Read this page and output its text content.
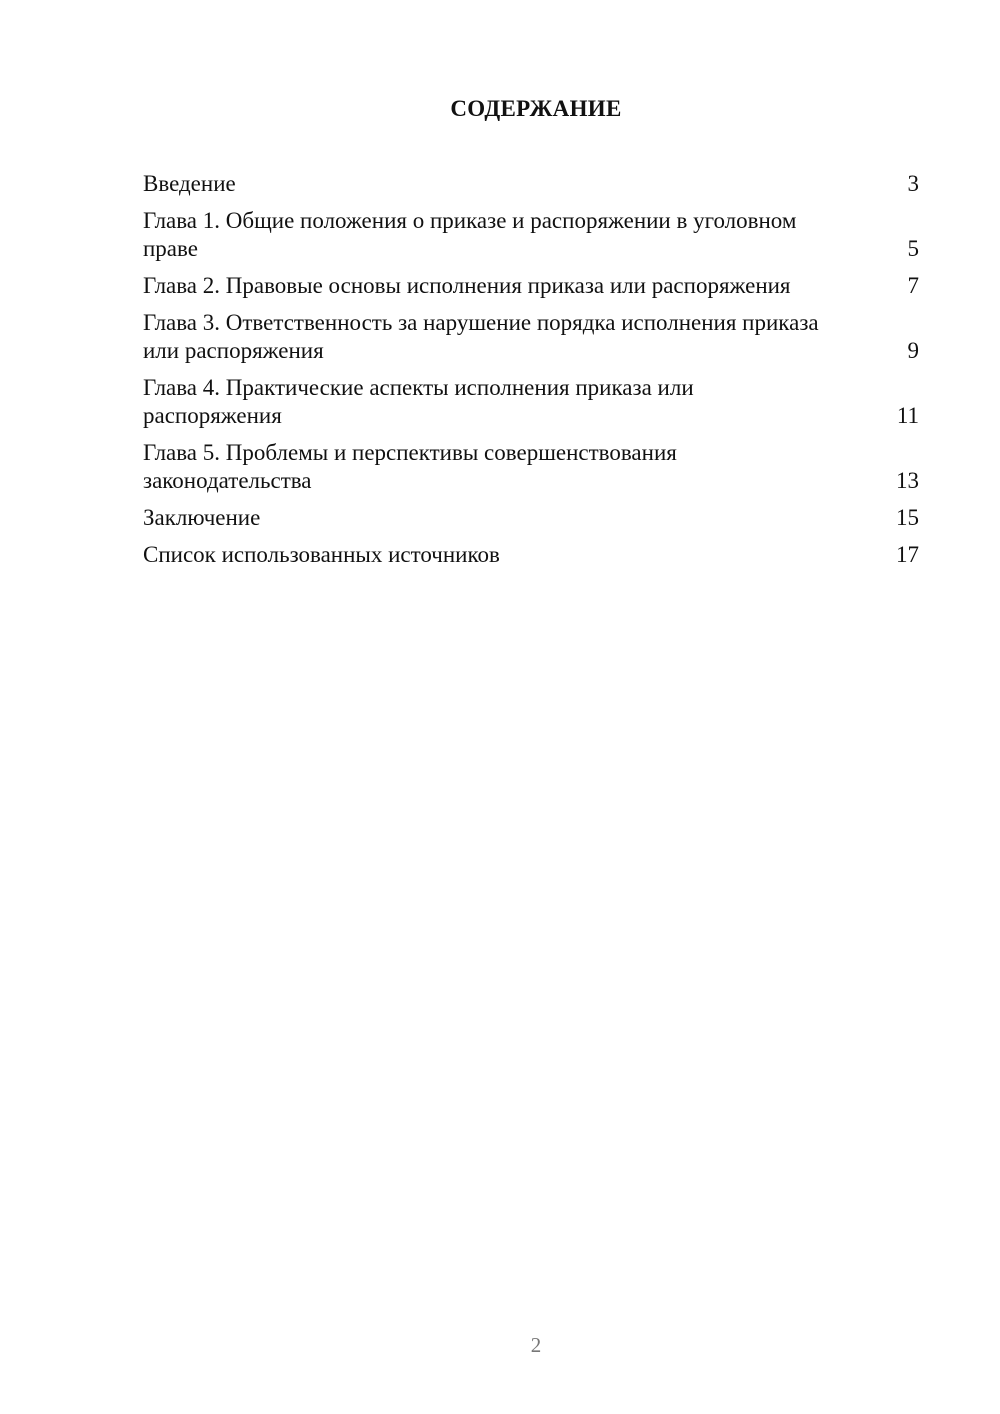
СОДЕРЖАНИЕ
Введение	3
Глава 1. Общие положения о приказе и распоряжении в уголовном праве	5
Глава 2. Правовые основы исполнения приказа или распоряжения	7
Глава 3. Ответственность за нарушение порядка исполнения приказа или распоряжения	9
Глава 4. Практические аспекты исполнения приказа или распоряжения	11
Глава 5. Проблемы и перспективы совершенствования законодательства	13
Заключение	15
Список использованных источников	17
2
